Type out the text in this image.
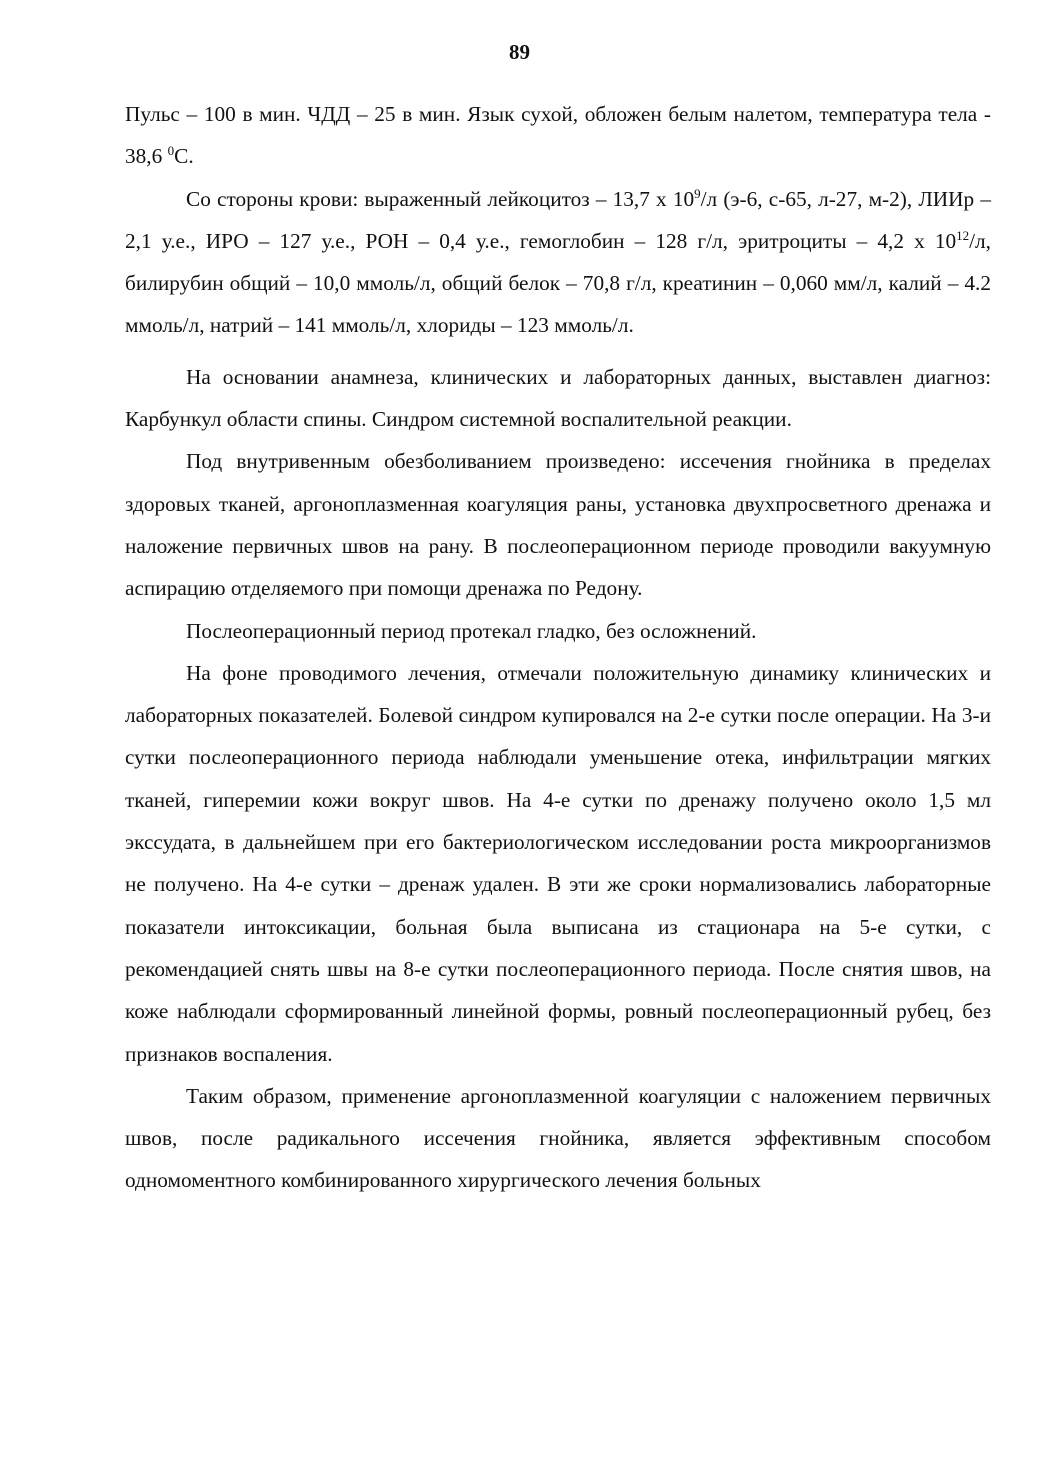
89

Пульс – 100 в мин. ЧДД – 25 в мин. Язык сухой, обложен белым налетом, температура тела - 38,6 $^0$С.

Со стороны крови: выраженный лейкоцитоз – 13,7 x $10^9/л$ (э-6, с-65, л-27, м-2), ЛИИр – 2,1 у.е., ИРО – 127 у.е., РОН – 0,4 у.е., гемоглобин – 128 г/л, эритроциты – 4,2 х $10^{12}/л$, билирубин общий – 10,0 ммоль/л, общий белок – 70,8 г/л, креатинин – 0,060 мм/л, калий – 4.2 ммоль/л, натрий – 141 ммоль/л, хлориды – 123 ммоль/л.

На основании анамнеза, клинических и лабораторных данных, выставлен диагноз: Карбункул области спины. Синдром системной воспалительной реакции.

Под внутривенным обезболиванием произведено: иссечения гнойника в пределах здоровых тканей, аргоноплазменная коагуляция раны, установка двухпросветного дренажа и наложение первичных швов на рану. В послеоперационном периоде проводили вакуумную аспирацию отделяемого при помощи дренажа по Редону.

Послеоперационный период протекал гладко, без осложнений.

На фоне проводимого лечения, отмечали положительную динамику клинических и лабораторных показателей. Болевой синдром купировался на 2-е сутки после операции. На 3-и сутки послеоперационного периода наблюдали уменьшение отека, инфильтрации мягких тканей, гиперемии кожи вокруг швов. На 4-е сутки по дренажу получено около 1,5 мл экссудата, в дальнейшем при его бактериологическом исследовании роста микроорганизмов не получено. На 4-е сутки – дренаж удален. В эти же сроки нормализовались лабораторные показатели интоксикации, больная была выписана из стационара на 5-е сутки, с рекомендацией снять швы на 8-е сутки послеоперационного периода. После снятия швов, на коже наблюдали сформированный линейной формы, ровный послеоперационный рубец, без признаков воспаления.

Таким образом, применение аргоноплазменной коагуляции с наложением первичных швов, после радикального иссечения гнойника, является эффективным способом одномоментного комбинированного хирургического лечения больных
